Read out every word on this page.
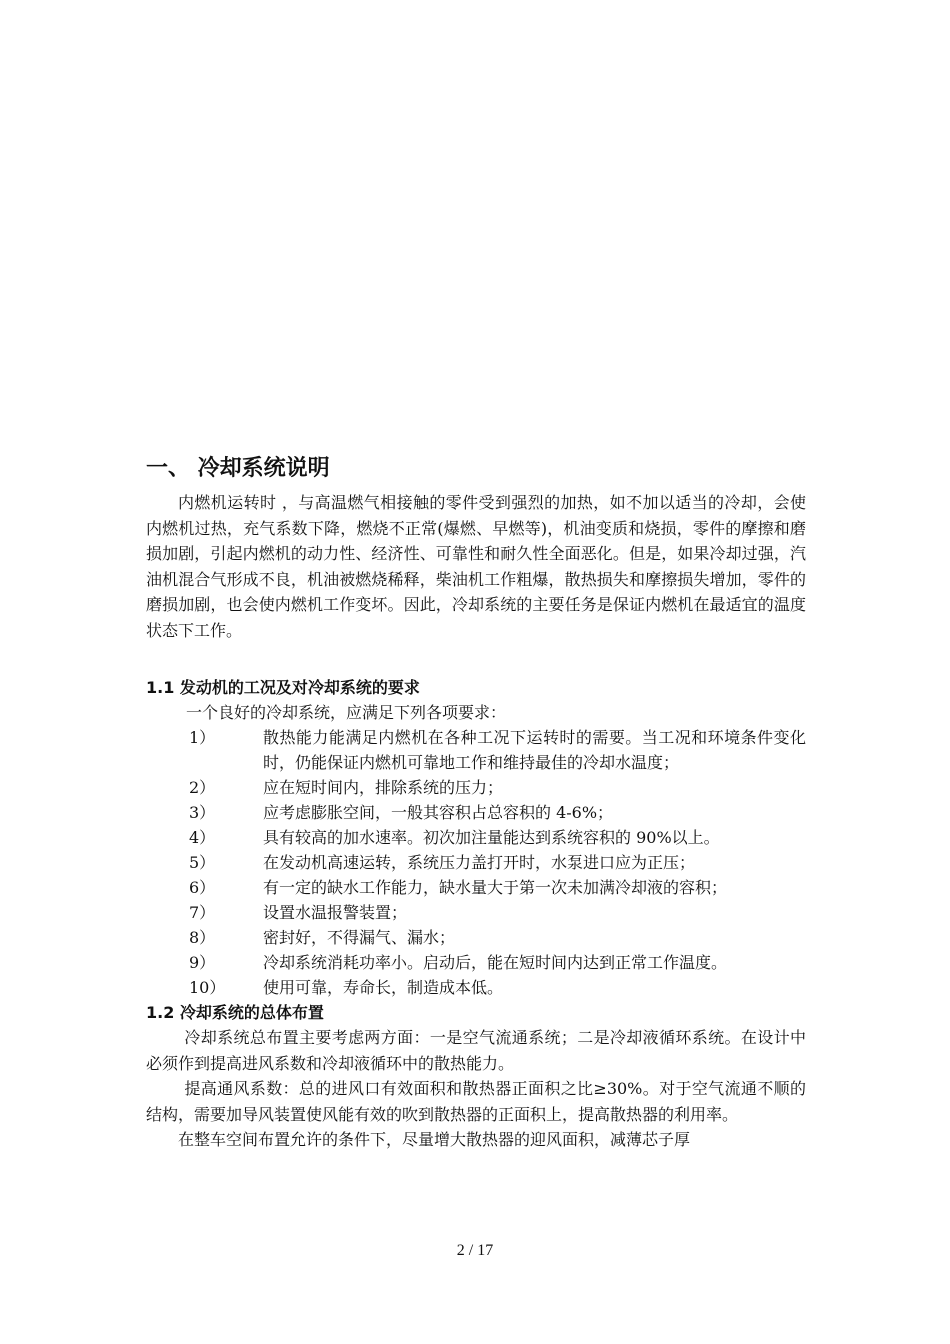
一、 冷却系统说明

内燃机运转时 ，与高温燃气相接触的零件受到强烈的加热，如不加以适当的冷却，会使内燃机过热，充气系数下降，燃烧不正常(爆燃、早燃等)，机油变质和烧损，零件的摩擦和磨损加剧，引起内燃机的动力性、经济性、可靠性和耐久性全面恶化。但是，如果冷却过强，汽油机混合气形成不良，机油被燃烧稀释，柴油机工作粗爆，散热损失和摩擦损失增加，零件的磨损加剧，也会使内燃机工作变坏。因此，冷却系统的主要任务是保证内燃机在最适宜的温度状态下工作。

1.1 发动机的工况及对冷却系统的要求

一个良好的冷却系统，应满足下列各项要求：

1）	散热能力能满足内燃机在各种工况下运转时的需要。当工况和环境条件变化时，仍能保证内燃机可靠地工作和维持最佳的冷却水温度；
2）	应在短时间内，排除系统的压力；
3）	应考虑膨胀空间，一般其容积占总容积的 4-6%；
4）	具有较高的加水速率。初次加注量能达到系统容积的 90%以上。
5）	在发动机高速运转，系统压力盖打开时，水泵进口应为正压；
6）	有一定的缺水工作能力，缺水量大于第一次未加满冷却液的容积；
7）	设置水温报警装置；
8）	密封好，不得漏气、漏水；
9）	冷却系统消耗功率小。启动后，能在短时间内达到正常工作温度。
10）	使用可靠，寿命长，制造成本低。
1.2 冷却系统的总体布置

冷却系统总布置主要考虑两方面：一是空气流通系统；二是冷却液循环系统。在设计中必须作到提高进风系数和冷却液循环中的散热能力。

提高通风系数：总的进风口有效面积和散热器正面积之比≥30%。对于空气流通不顺的结构，需要加导风装置使风能有效的吹到散热器的正面积上，提高散热器的利用率。

在整车空间布置允许的条件下，尽量增大散热器的迎风面积，减薄芯子厚

2 / 17
